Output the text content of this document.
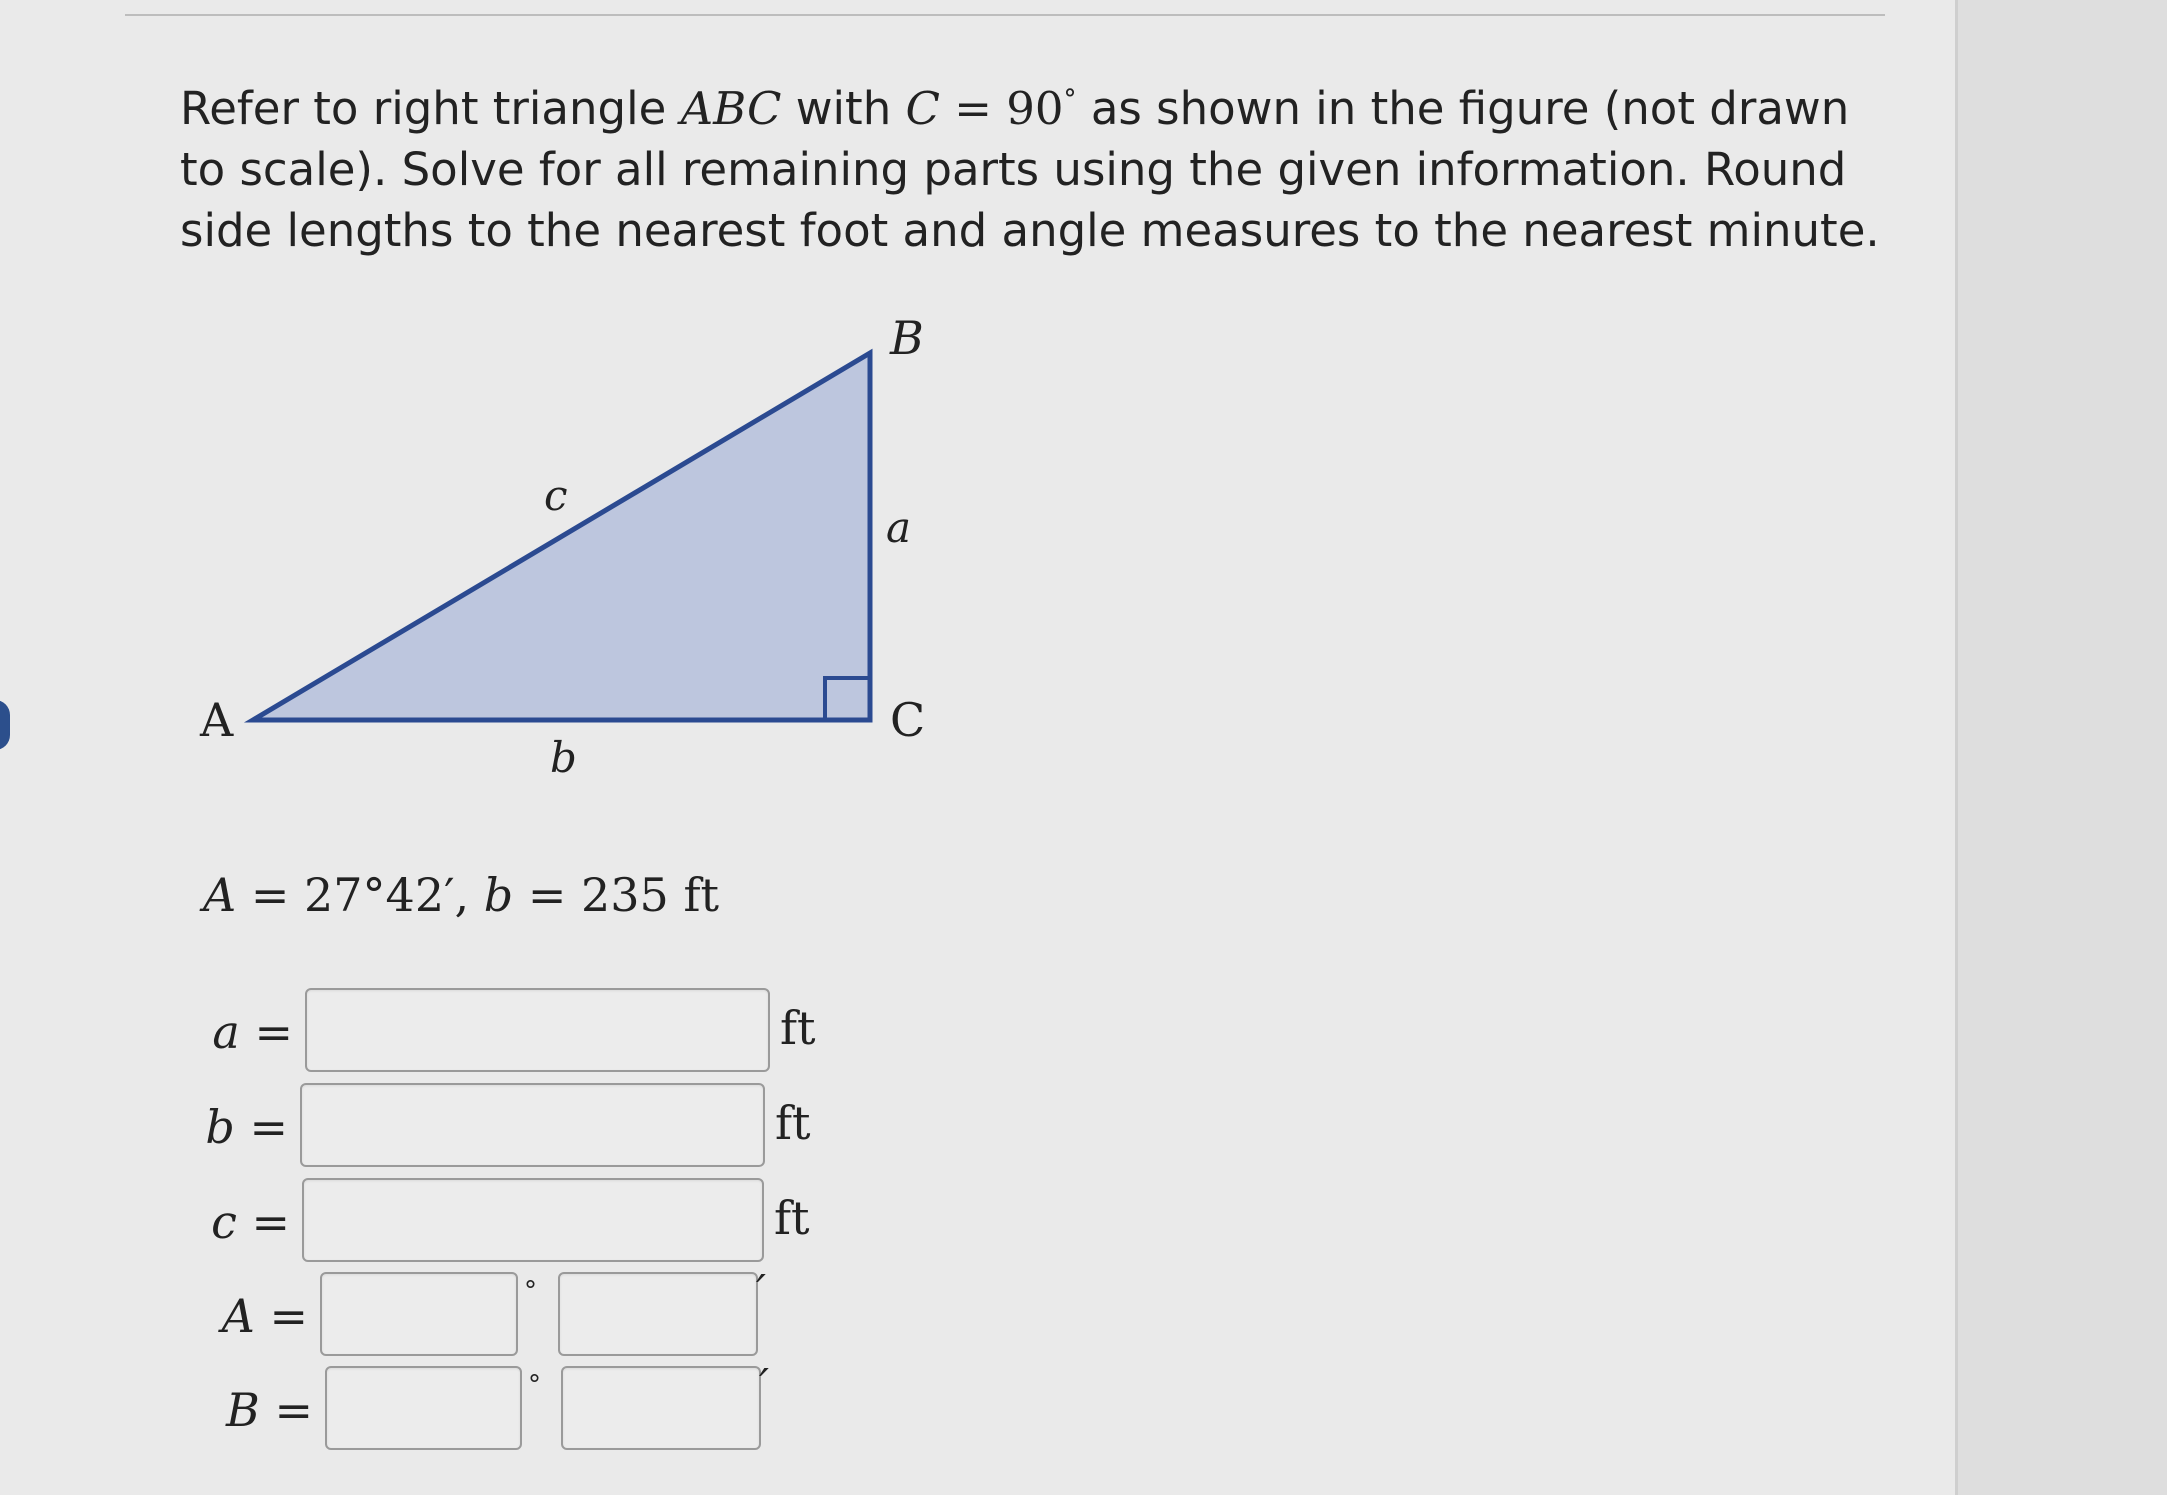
Refer to right triangle ABC with C = 90° as shown in the figure (not drawn

to scale). Solve for all remaining parts using the given information. Round

side lengths to the nearest foot and angle measures to the nearest minute.

A
B
C
a
b
c
A = 27°42′, b = 235 ft
a =	ft
b =	ft
c =	ft
A =	°	′
B =	°	′
